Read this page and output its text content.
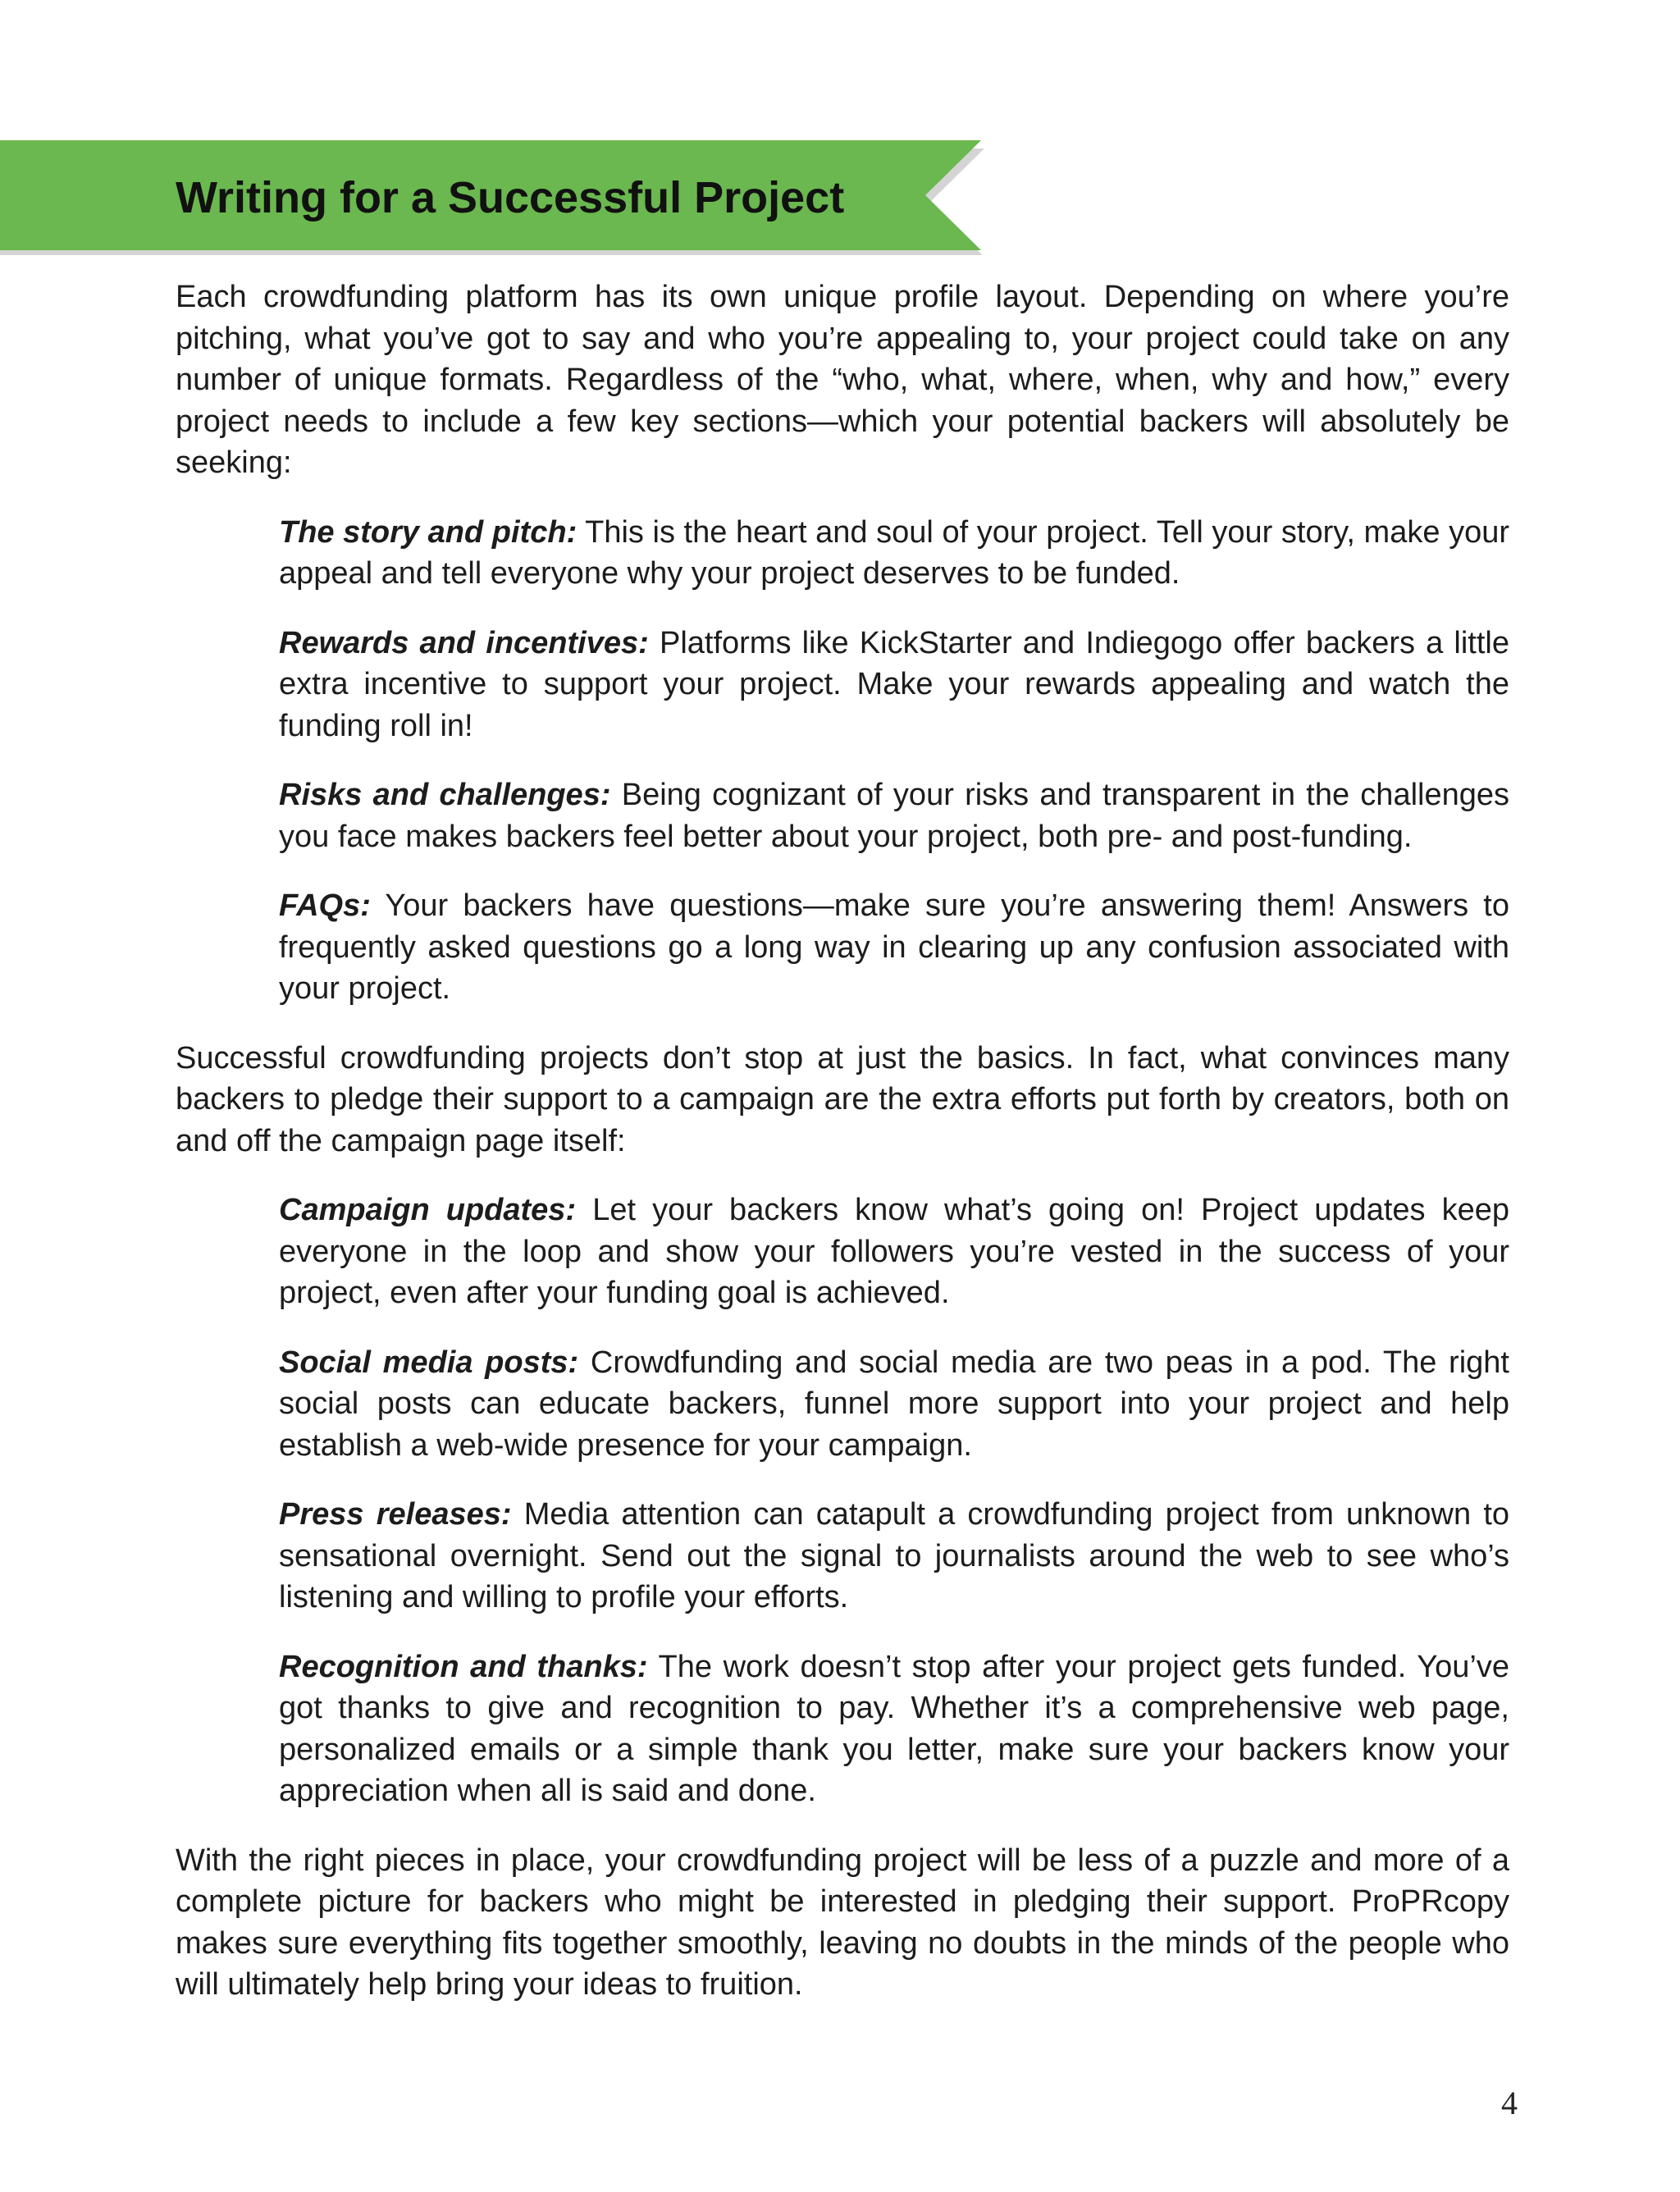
Writing for a Successful Project

Each crowdfunding platform has its own unique profile layout. Depending on where you’re pitching, what you’ve got to say and who you’re appealing to, your project could take on any number of unique formats. Regardless of the “who, what, where, when, why and how,” every project needs to include a few key sections—which your potential backers will absolutely be seeking:

The story and pitch: This is the heart and soul of your project. Tell your story, make your appeal and tell everyone why your project deserves to be funded.

Rewards and incentives: Platforms like KickStarter and Indiegogo offer backers a little extra incentive to support your project. Make your rewards appealing and watch the funding roll in!

Risks and challenges: Being cognizant of your risks and transparent in the challenges you face makes backers feel better about your project, both pre- and post-funding.

FAQs: Your backers have questions—make sure you’re answering them! Answers to frequently asked questions go a long way in clearing up any confusion associated with your project.

Successful crowdfunding projects don’t stop at just the basics. In fact, what convinces many backers to pledge their support to a campaign are the extra efforts put forth by creators, both on and off the campaign page itself:

Campaign updates: Let your backers know what’s going on! Project updates keep everyone in the loop and show your followers you’re vested in the success of your project, even after your funding goal is achieved.

Social media posts: Crowdfunding and social media are two peas in a pod. The right social posts can educate backers, funnel more support into your project and help establish a web-wide presence for your campaign.

Press releases: Media attention can catapult a crowdfunding project from unknown to sensational overnight. Send out the signal to journalists around the web to see who’s listening and willing to profile your efforts.

Recognition and thanks: The work doesn’t stop after your project gets funded. You’ve got thanks to give and recognition to pay. Whether it’s a comprehensive web page, personalized emails or a simple thank you letter, make sure your backers know your appreciation when all is said and done.

With the right pieces in place, your crowdfunding project will be less of a puzzle and more of a complete picture for backers who might be interested in pledging their support. ProPRcopy makes sure everything fits together smoothly, leaving no doubts in the minds of the people who will ultimately help bring your ideas to fruition.

4
